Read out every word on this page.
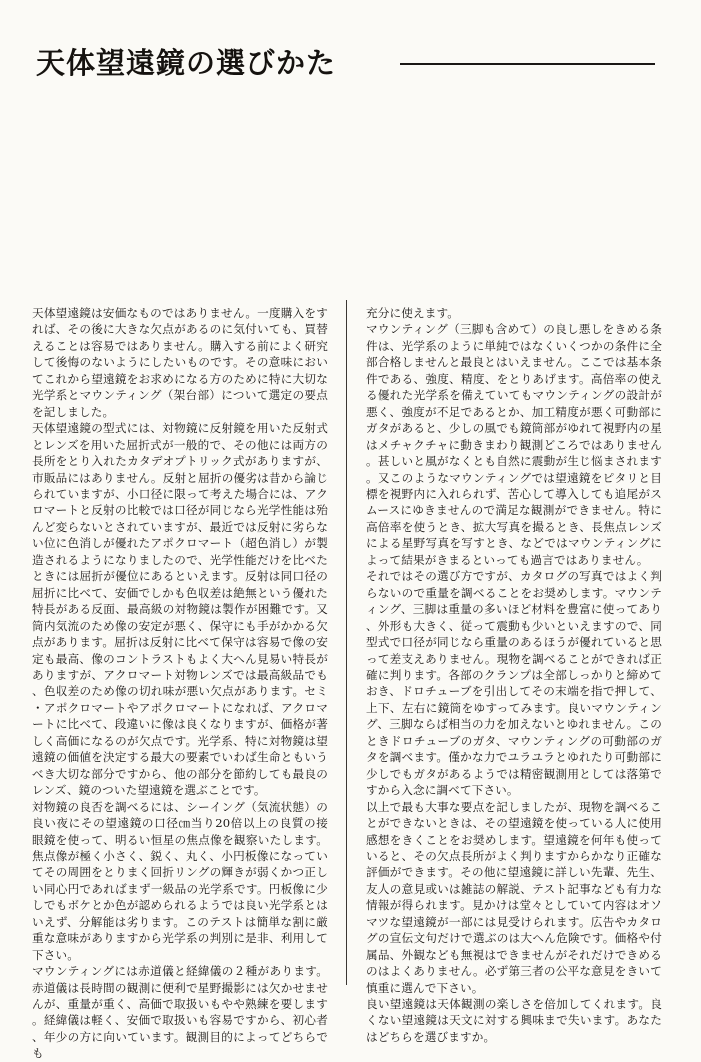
天体望遠鏡の選びかた

天体望遠鏡は安価なものではありません。一度購入をすれば、その後に大きな欠点があるのに気付いても、買替えることは容易ではありません。購入する前によく研究して後悔のないようにしたいものです。その意味においてこれから望遠鏡をお求めになる方のために特に大切な光学系とマウンティング（架台部）について選定の要点を記しました。

天体望遠鏡の型式には、対物鏡に反射鏡を用いた反射式とレンズを用いた屈折式が一般的で、その他には両方の長所をとり入れたカタデオプトリック式がありますが、市販品にはありません。反射と屈折の優劣は昔から論じられていますが、小口径に限って考えた場合には、アクロマートと反射の比較では口径が同じなら光学性能は殆んど変らないとされていますが、最近では反射に劣らない位に色消しが優れたアポクロマート（超色消し）が製造されるようになりましたので、光学性能だけを比べたときには屈折が優位にあるといえます。反射は同口径の屈折に比べて、安価でしかも色収差は絶無という優れた特長がある反面、最高級の対物鏡は製作が困難です。又筒内気流のため像の安定が悪く、保守にも手がかかる欠点があります。屈折は反射に比べて保守は容易で像の安定も最高、像のコントラストもよく大へん見易い特長がありますが、アクロマート対物レンズでは最高級品でも、色収差のため像の切れ味が悪い欠点があります。セミ・アポクロマートやアポクロマートになれば、アクロマートに比べて、段違いに像は良くなりますが、価格が著しく高価になるのが欠点です。光学系、特に対物鏡は望遠鏡の価値を決定する最大の要素でいわば生命ともいうべき大切な部分ですから、他の部分を節約しても最良のレンズ、鏡のついた望遠鏡を選ぶことです。

対物鏡の良否を調べるには、シーイング（気流状態）の良い夜にその望遠鏡の口径㎝当り20倍以上の良質の接眼鏡を使って、明るい恒星の焦点像を観察いたします。焦点像が極く小さく、鋭く、丸く、小円板像になっていてその周囲をとりまく回折リングの輝きが弱くかつ正しい同心円であればまず一級品の光学系です。円板像に少しでもボケとか色が認められるようでは良い光学系とはいえず、分解能は劣ります。このテストは簡単な割に厳重な意味がありますから光学系の判別に是非、利用して下さい。

マウンティングには赤道儀と経緯儀の２種があります。赤道儀は長時間の観測に便利で星野撮影には欠かせませんが、重量が重く、高価で取扱いもやや熟練を要します。経緯儀は軽く、安価で取扱いも容易ですから、初心者、年少の方に向いています。観測目的によってどちらでも

充分に使えます。

マウンティング（三脚も含めて）の良し悪しをきめる条件は、光学系のように単純ではなくいくつかの条件に全部合格しませんと最良とはいえません。ここでは基本条件である、強度、精度、をとりあげます。高倍率の使える優れた光学系を備えていてもマウンティングの設計が悪く、強度が不足であるとか、加工精度が悪く可動部にガタがあると、少しの風でも鏡筒部がゆれて視野内の星はメチャクチャに動きまわり観測どころではありません。甚しいと風がなくとも自然に震動が生じ悩まされます。又このようなマウンティングでは望遠鏡をピタリと目標を視野内に入れられず、苦心して導入しても追尾がスムースにゆきませんので満足な観測ができません。特に高倍率を使うとき、拡大写真を撮るとき、長焦点レンズによる星野写真を写すとき、などではマウンティングによって結果がきまるといっても過言ではありません。

それではその選び方ですが、カタログの写真ではよく判らないので重量を調べることをお奨めします。マウンティング、三脚は重量の多いほど材料を豊富に使ってあり、外形も大きく、従って震動も少いといえますので、同型式で口径が同じなら重量のあるほうが優れていると思って差支えありません。現物を調べることができれば正確に判ります。各部のクランプは全部しっかりと締めておき、ドロチューブを引出してその末端を指で押して、上下、左右に鏡筒をゆすってみます。良いマウンティング、三脚ならば相当の力を加えないとゆれません。このときドロチューブのガタ、マウンティングの可動部のガタを調べます。僅かな力でユラユラとゆれたり可動部に少しでもガタがあるようでは精密観測用としては落第ですから入念に調べて下さい。

以上で最も大事な要点を記しましたが、現物を調べることができないときは、その望遠鏡を使っている人に使用感想をきくことをお奨めします。望遠鏡を何年も使っていると、その欠点長所がよく判りますからかなり正確な評価ができます。その他に望遠鏡に詳しい先輩、先生、友人の意見或いは雑誌の解説、テスト記事なども有力な情報が得られます。見かけは堂々としていて内容はオソマツな望遠鏡が一部には見受けられます。広告やカタログの宣伝文句だけで選ぶのは大へん危険です。価格や付属品、外観なども無視はできませんがそれだけできめるのはよくありません。必ず第三者の公平な意見をきいて慎重に選んで下さい。

良い望遠鏡は天体観測の楽しさを倍加してくれます。良くない望遠鏡は天文に対する興味まで失います。あなたはどちらを選びますか。
